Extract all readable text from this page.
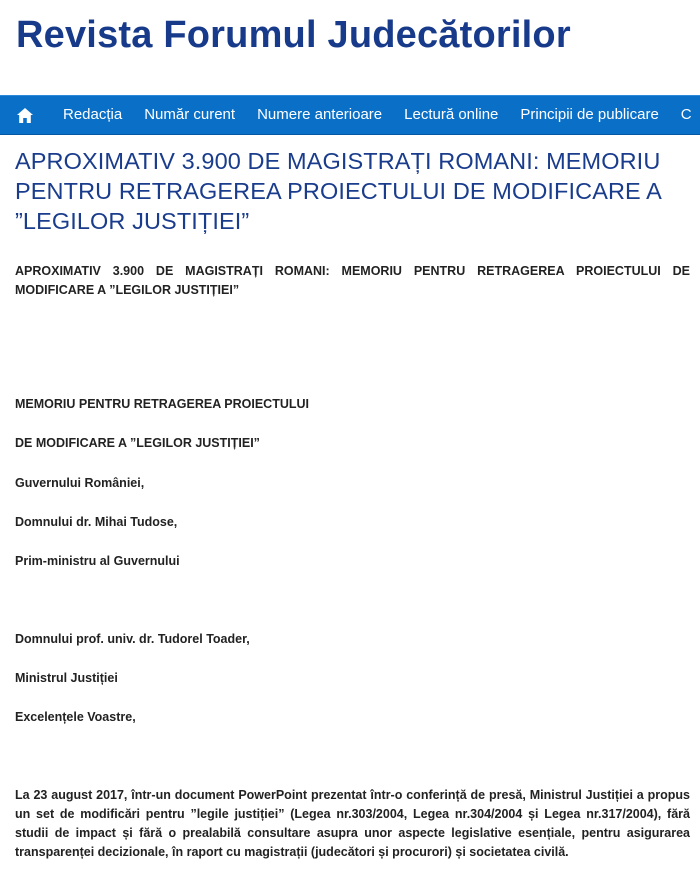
Revista Forumul Judecătorilor
Redacția	Număr curent	Numere anterioare	Lectură online	Principii de publicare	C
APROXIMATIV 3.900 DE MAGISTRAȚI ROMANI: MEMORIU PENTRU RETRAGEREA PROIECTULUI DE MODIFICARE A ”LEGILOR JUSTIȚIEI”
APROXIMATIV 3.900 DE MAGISTRAȚI ROMANI: MEMORIU PENTRU RETRAGEREA PROIECTULUI DE MODIFICARE A ”LEGILOR JUSTIȚIEI”
MEMORIU PENTRU RETRAGEREA PROIECTULUI
DE MODIFICARE A ”LEGILOR JUSTIȚIEI”
Guvernului României,
Domnului dr. Mihai Tudose,
Prim-ministru al Guvernului
Domnului prof. univ. dr. Tudorel Toader,
Ministrul Justiției
Excelențele Voastre,

La 23 august 2017, într-un document PowerPoint prezentat într-o conferință de presă, Ministrul Justiției a propus un set de modificări pentru ”legile justiției” (Legea nr.303/2004, Legea nr.304/2004 și Legea nr.317/2004), fără studii de impact și fără o prealabilă consultare asupra unor aspecte legislative esențiale, pentru asigurarea transparenței decizionale, în raport cu magistrații (judecători și procurori) și societatea civilă.
